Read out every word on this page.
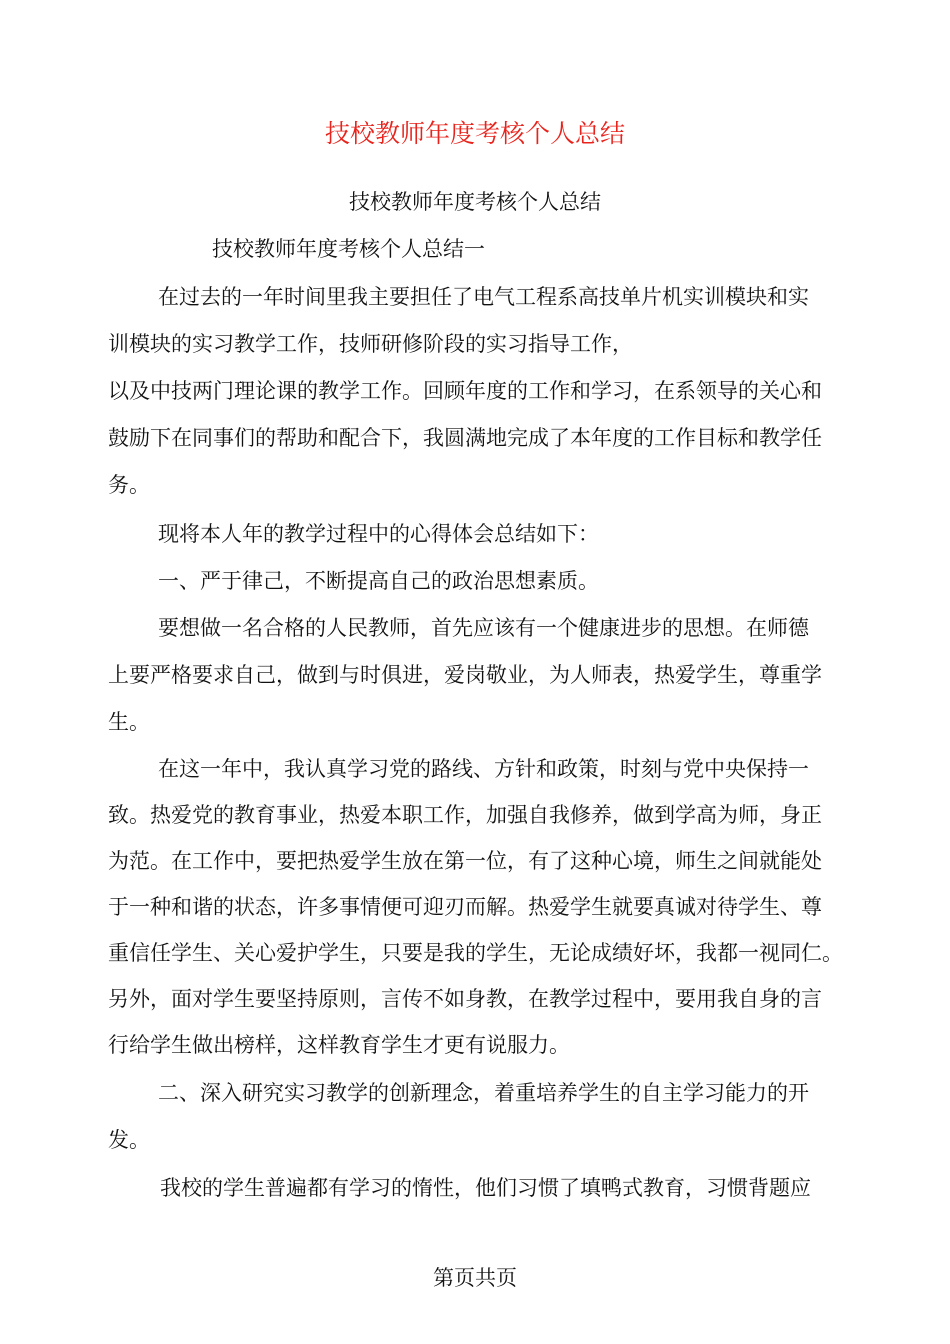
技校教师年度考核个人总结
技校教师年度考核个人总结
技校教师年度考核个人总结一
在过去的一年时间里我主要担任了电气工程系高技单片机实训模块和实
训模块的实习教学工作，技师研修阶段的实习指导工作，
以及中技两门理论课的教学工作。回顾年度的工作和学习，在系领导的关心和
鼓励下在同事们的帮助和配合下，我圆满地完成了本年度的工作目标和教学任
务。
现将本人年的教学过程中的心得体会总结如下：
一、严于律己，不断提高自己的政治思想素质。
要想做一名合格的人民教师，首先应该有一个健康进步的思想。在师德
上要严格要求自己，做到与时俱进，爱岗敬业，为人师表，热爱学生，尊重学
生。
在这一年中，我认真学习党的路线、方针和政策，时刻与党中央保持一
致。热爱党的教育事业，热爱本职工作，加强自我修养，做到学高为师，身正
为范。在工作中，要把热爱学生放在第一位，有了这种心境，师生之间就能处
于一种和谐的状态，许多事情便可迎刃而解。热爱学生就要真诚对待学生、尊
重信任学生、关心爱护学生，只要是我的学生，无论成绩好坏，我都一视同仁。
另外，面对学生要坚持原则，言传不如身教，在教学过程中，要用我自身的言
行给学生做出榜样，这样教育学生才更有说服力。
二、深入研究实习教学的创新理念，着重培养学生的自主学习能力的开
发。
我校的学生普遍都有学习的惰性，他们习惯了填鸭式教育，习惯背题应
第页共页
